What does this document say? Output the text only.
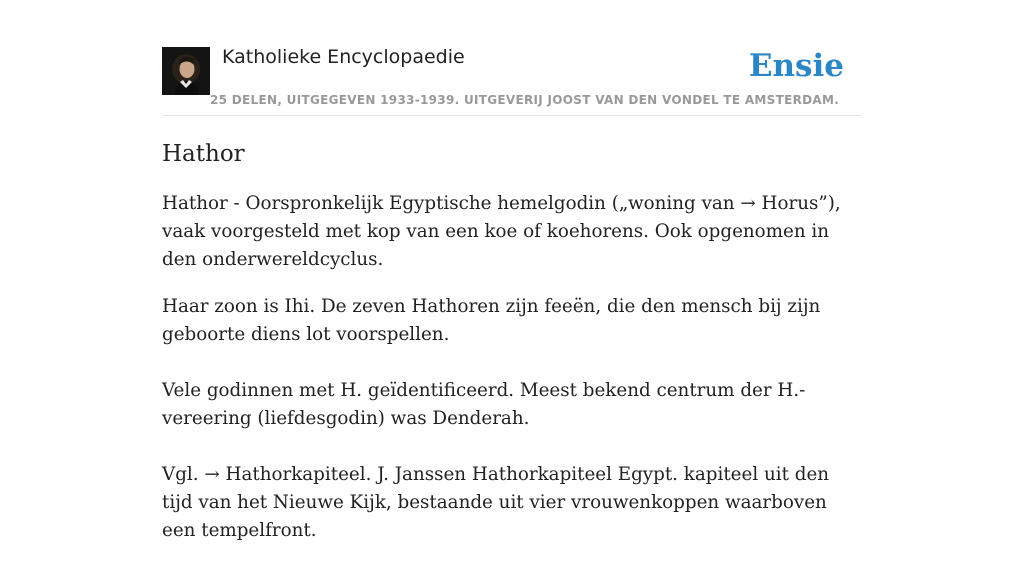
Katholieke Encyclopaedie
25 DELEN, UITGEGEVEN 1933-1939. UITGEVERIJ JOOST VAN DEN VONDEL TE AMSTERDAM.
Ensie
Hathor

Hathor - Oorspronkelijk Egyptische hemelgodin („woning van → Horus”), vaak voorgesteld met kop van een koe of koehorens. Ook opgenomen in den onderwereldcyclus.

Haar zoon is Ihi. De zeven Hathoren zijn feeën, die den mensch bij zijn geboorte diens lot voorspellen.

Vele godinnen met H. geïdentificeerd. Meest bekend centrum der H.-vereering (liefdesgodin) was Denderah.

Vgl. → Hathorkapiteel. J. Janssen Hathorkapiteel Egypt. kapiteel uit den tijd van het Nieuwe Kijk, bestaande uit vier vrouwenkoppen waarboven een tempelfront.
